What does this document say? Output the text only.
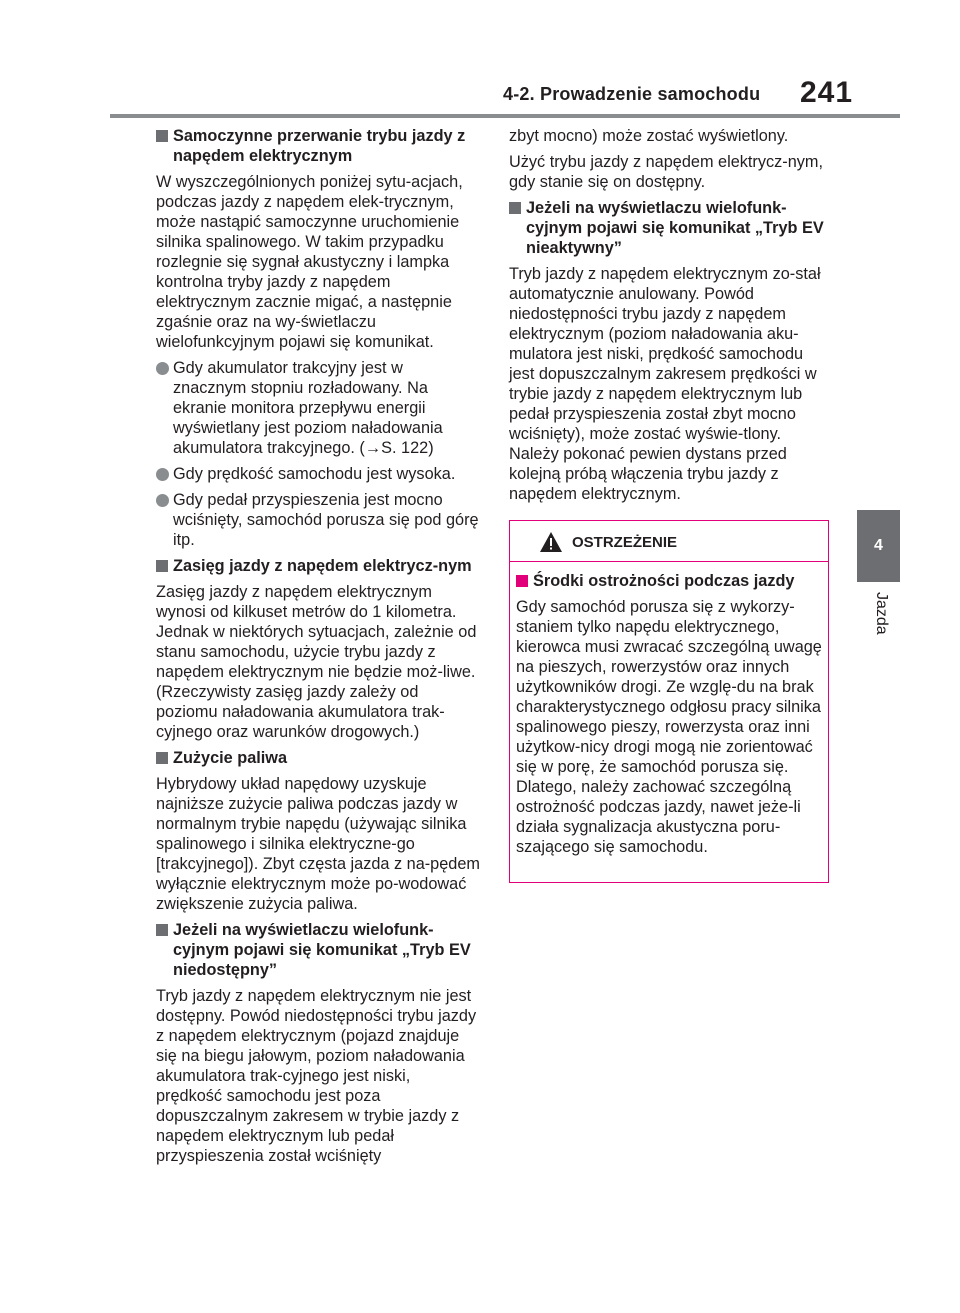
4-2. Prowadzenie samochodu 241
4
Jazda
Samoczynne przerwanie trybu jazdy z napędem elektrycznym
W wyszczególnionych poniżej sytu-acjach, podczas jazdy z napędem elek-trycznym, może nastąpić samoczynne uruchomienie silnika spalinowego. W takim przypadku rozlegnie się sygnał akustyczny i lampka kontrolna tryby jazdy z napędem elektrycznym zacznie migać, a następnie zgaśnie oraz na wy-świetlaczu wielofunkcyjnym pojawi się komunikat.
Gdy akumulator trakcyjny jest w znacznym stopniu rozładowany. Na ekranie monitora przepływu energii wyświetlany jest poziom naładowania akumulatora trakcyjnego. (→S. 122)
Gdy prędkość samochodu jest wysoka.
Gdy pedał przyspieszenia jest mocno wciśnięty, samochód porusza się pod górę itp.
Zasięg jazdy z napędem elektrycz-nym
Zasięg jazdy z napędem elektrycznym wynosi od kilkuset metrów do 1 kilometra. Jednak w niektórych sytuacjach, zależnie od stanu samochodu, użycie trybu jazdy z napędem elektrycznym nie będzie moż-liwe. (Rzeczywisty zasięg jazdy zależy od poziomu naładowania akumulatora trak-cyjnego oraz warunków drogowych.)
Zużycie paliwa
Hybrydowy układ napędowy uzyskuje najniższe zużycie paliwa podczas jazdy w normalnym trybie napędu (używając silnika spalinowego i silnika elektryczne-go [trakcyjnego]). Zbyt częsta jazda z na-pędem wyłącznie elektrycznym może po-wodować zwiększenie zużycia paliwa.
Jeżeli na wyświetlaczu wielofunk-cyjnym pojawi się komunikat „Tryb EV niedostępny”
Tryb jazdy z napędem elektrycznym nie jest dostępny. Powód niedostępności trybu jazdy z napędem elektrycznym (pojazd znajduje się na biegu jałowym, poziom naładowania akumulatora trak-cyjnego jest niski, prędkość samochodu jest poza dopuszczalnym zakresem w trybie jazdy z napędem elektrycznym lub pedał przyspieszenia został wciśnięty
zbyt mocno) może zostać wyświetlony.
Użyć trybu jazdy z napędem elektrycz-nym, gdy stanie się on dostępny.
Jeżeli na wyświetlaczu wielofunk-cyjnym pojawi się komunikat „Tryb EV nieaktywny”
Tryb jazdy z napędem elektrycznym zo-stał automatycznie anulowany. Powód niedostępności trybu jazdy z napędem elektrycznym (poziom naładowania aku-mulatora jest niski, prędkość samochodu jest dopuszczalnym zakresem prędkości w trybie jazdy z napędem elektrycznym lub pedał przyspieszenia został zbyt mocno wciśnięty), może zostać wyświe-tlony. Należy pokonać pewien dystans przed kolejną próbą włączenia trybu jazdy z napędem elektrycznym.
OSTRZEŻENIE
Środki ostrożności podczas jazdy
Gdy samochód porusza się z wykorzy-staniem tylko napędu elektrycznego, kierowca musi zwracać szczególną uwagę na pieszych, rowerzystów oraz innych użytkowników drogi. Ze wzglę-du na brak charakterystycznego odgłosu pracy silnika spalinowego pieszy, rowerzysta oraz inni użytkow-nicy drogi mogą nie zorientować się w porę, że samochód porusza się. Dlatego, należy zachować szczególną ostrożność podczas jazdy, nawet jeże-li działa sygnalizacja akustyczna poru-szającego się samochodu.
